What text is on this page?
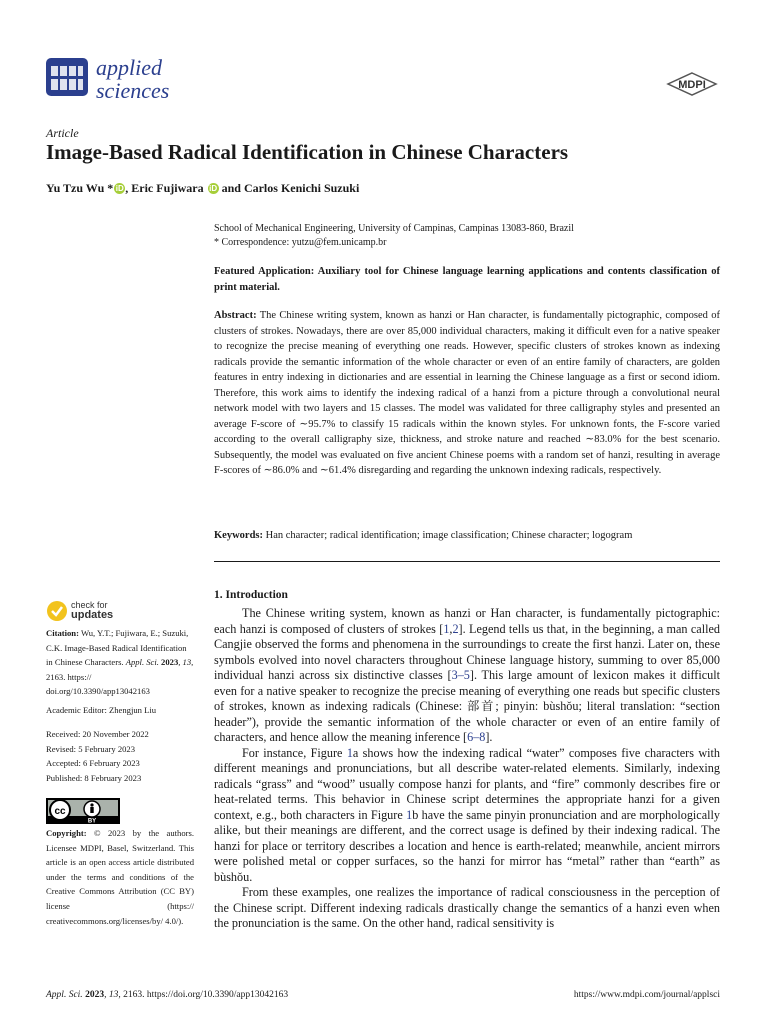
applied
sciences	MDPI
Article
Image-Based Radical Identification in Chinese Characters
Yu Tzu Wu * iD , Eric Fujiwara iD and Carlos Kenichi Suzuki
School of Mechanical Engineering, University of Campinas, Campinas 13083-860, Brazil
* Correspondence: yutzu@fem.unicamp.br
Featured Application: Auxiliary tool for Chinese language learning applications and contents classification of print material.
Abstract: The Chinese writing system, known as hanzi or Han character, is fundamentally pictographic, composed of clusters of strokes. Nowadays, there are over 85,000 individual characters, making it difficult even for a native speaker to recognize the precise meaning of everything one reads. However, specific clusters of strokes known as indexing radicals provide the semantic information of the whole character or even of an entire family of characters, are golden features in entry indexing in dictionaries and are essential in learning the Chinese language as a first or second idiom. Therefore, this work aims to identify the indexing radical of a hanzi from a picture through a convolutional neural network model with two layers and 15 classes. The model was validated for three calligraphy styles and presented an average F-score of ∼95.7% to classify 15 radicals within the known styles. For unknown fonts, the F-score varied according to the overall calligraphy size, thickness, and stroke nature and reached ∼83.0% for the best scenario. Subsequently, the model was evaluated on five ancient Chinese poems with a random set of hanzi, resulting in average F-scores of ∼86.0% and ∼61.4% disregarding and regarding the unknown indexing radicals, respectively.
Keywords: Han character; radical identification; image classification; Chinese character; logogram
1. Introduction
The Chinese writing system, known as hanzi or Han character, is fundamentally pictographic: each hanzi is composed of clusters of strokes [1,2]. Legend tells us that, in the beginning, a man called Cangjie observed the forms and phenomena in the surroundings to create the first hanzi. Later on, these symbols evolved into novel characters throughout Chinese language history, summing to over 85,000 individual hanzi across six distinctive classes [3–5]. This large amount of lexicon makes it difficult even for a native speaker to recognize the precise meaning of everything one reads but specific clusters of strokes, known as indexing radicals (Chinese: 部首; pinyin: bùshǒu; literal translation: “section header”), provide the semantic information of the whole character or even of an entire family of characters, and hence allow the meaning inference [6–8].
For instance, Figure 1a shows how the indexing radical “water” composes five characters with different meanings and pronunciations, but all describe water-related elements. Similarly, indexing radicals “grass” and “wood” usually compose hanzi for plants, and “fire” commonly describes fire or heat-related terms. This behavior in Chinese script determines the appropriate hanzi for a given context, e.g., both characters in Figure 1b have the same pinyin pronunciation and are morphologically alike, but their meanings are different, and the correct usage is defined by their indexing radical. The hanzi for place or territory describes a location and hence is earth-related; meanwhile, ancient mirrors were polished metal or copper surfaces, so the hanzi for mirror has “metal” rather than “earth” as bùshǒu.
From these examples, one realizes the importance of radical consciousness in the perception of the Chinese script. Different indexing radicals drastically change the semantics of a hanzi even when the pronunciation is the same. On the other hand, radical sensitivity is
check for
updates
Citation: Wu, Y.T.; Fujiwara, E.; Suzuki, C.K. Image-Based Radical Identification in Chinese Characters. Appl. Sci. 2023, 13, 2163. https:// doi.org/10.3390/app13042163
Academic Editor: Zhengjun Liu
Received: 20 November 2022
Revised: 5 February 2023
Accepted: 6 February 2023
Published: 8 February 2023
cc
BY
Copyright: © 2023 by the authors. Licensee MDPI, Basel, Switzerland. This article is an open access article distributed under the terms and conditions of the Creative Commons Attribution (CC BY) license (https:// creativecommons.org/licenses/by/ 4.0/).
Appl. Sci. 2023, 13, 2163. https://doi.org/10.3390/app13042163	https://www.mdpi.com/journal/applsci
